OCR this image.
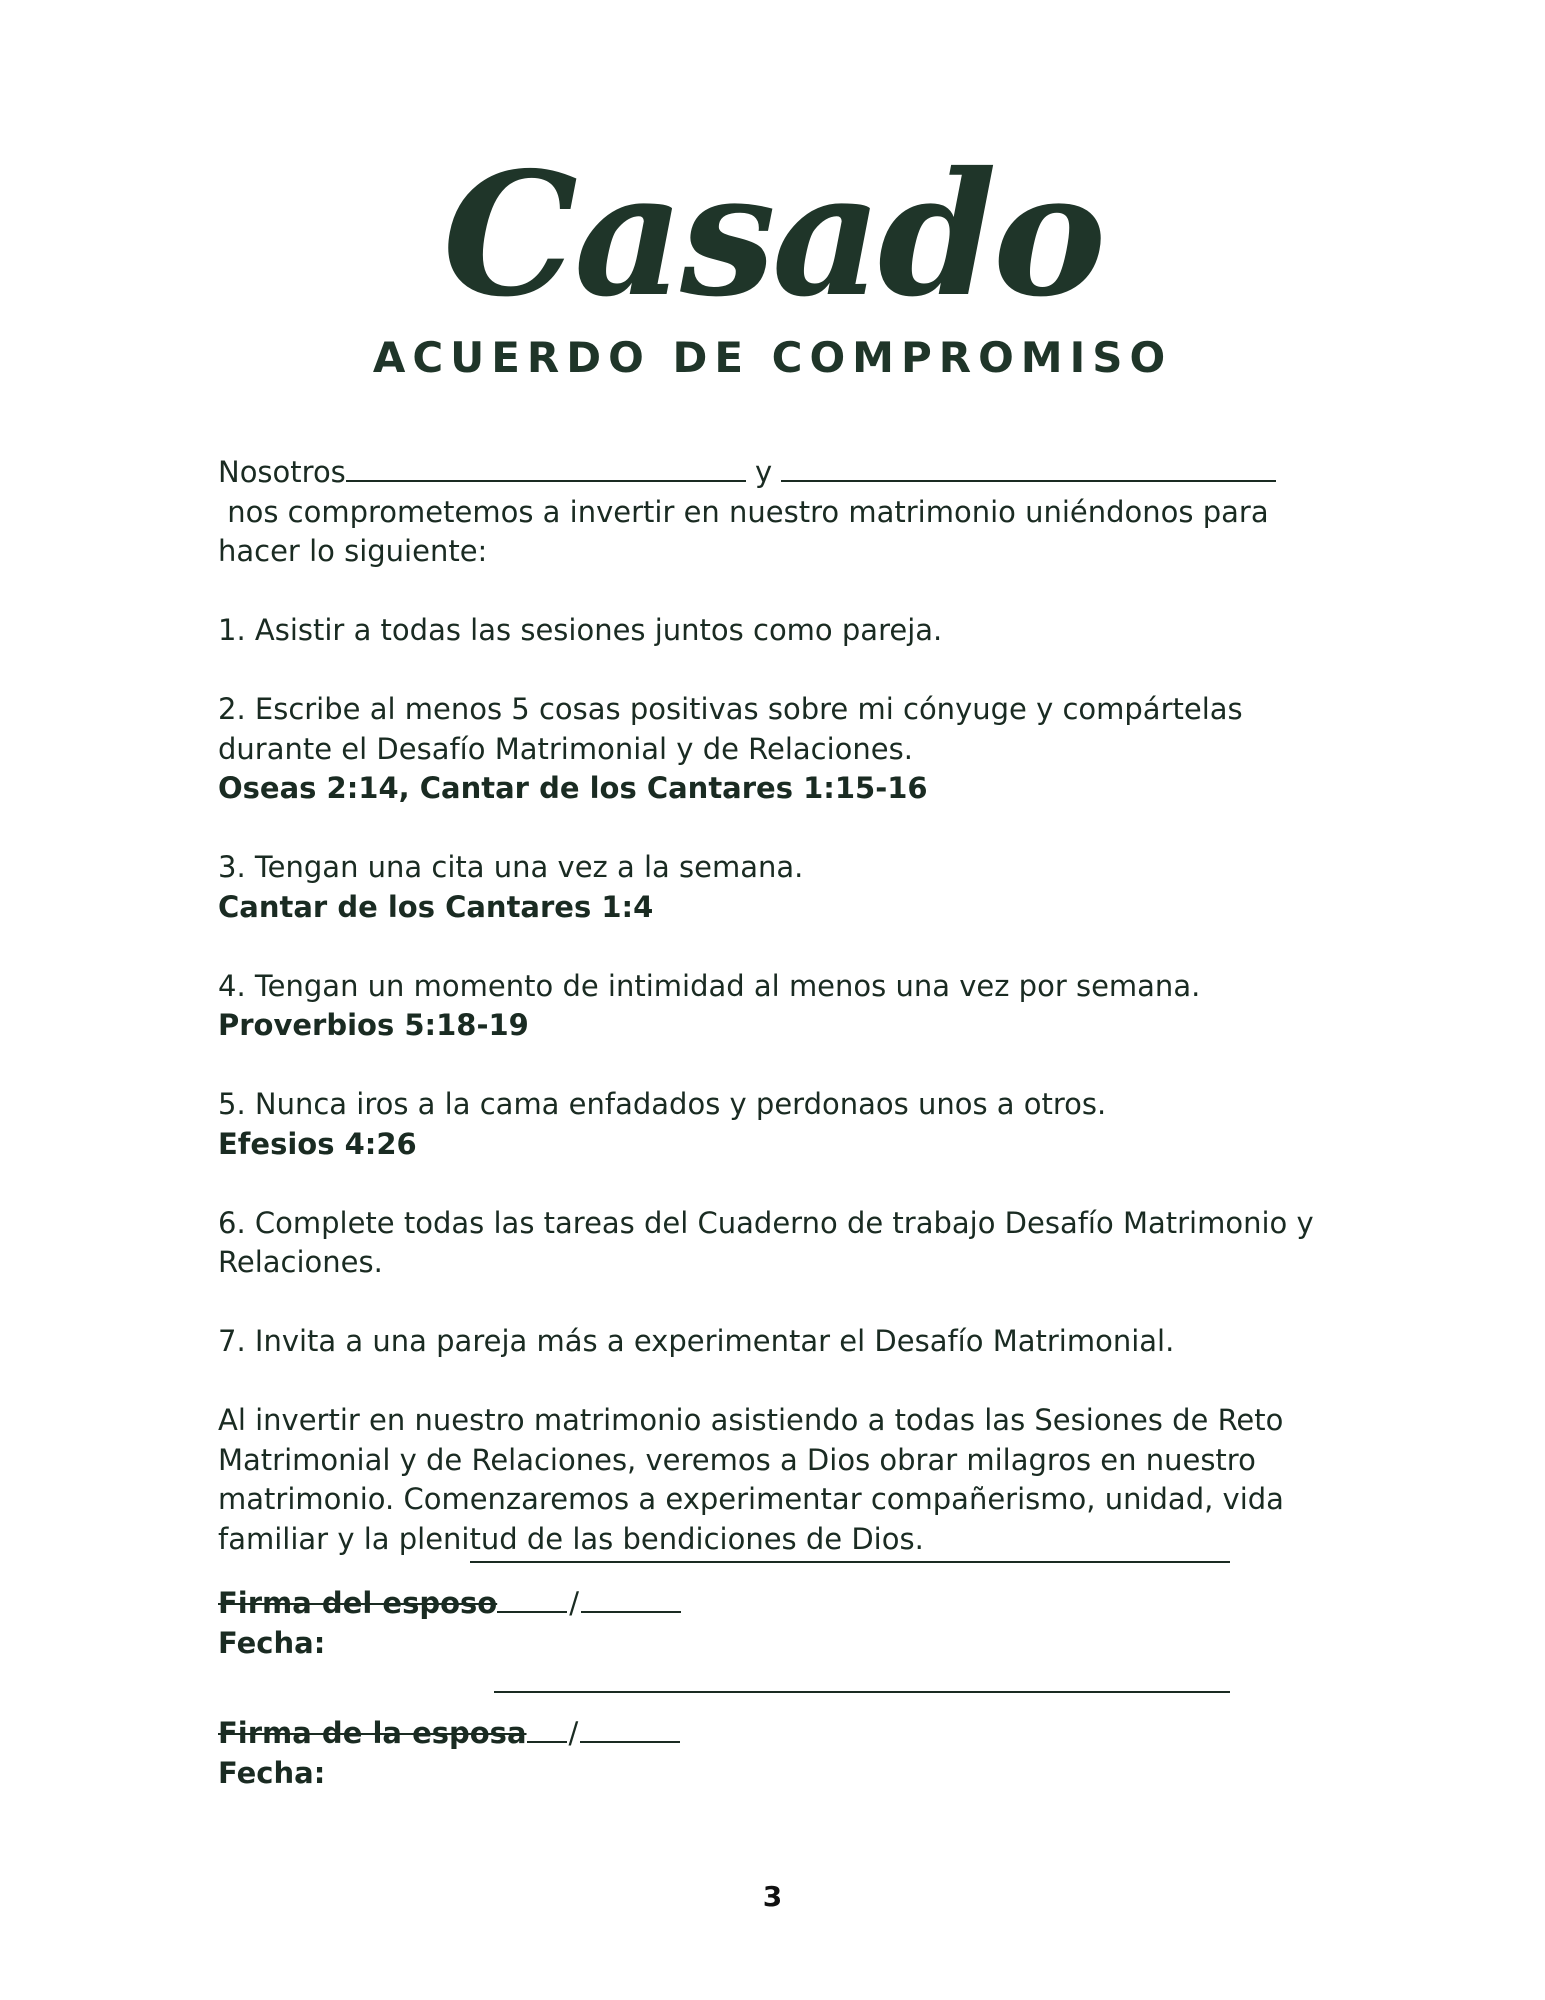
Casado
ACUERDO DE COMPROMISO
Nosotros	y
nos comprometemos a invertir en nuestro matrimonio uniéndonos para
hacer lo siguiente:
1. Asistir a todas las sesiones juntos como pareja.
2. Escribe al menos 5 cosas positivas sobre mi cónyuge y compártelas durante el Desafío Matrimonial y de Relaciones.
Oseas 2:14, Cantar de los Cantares 1:15-16
3. Tengan una cita una vez a la semana.
Cantar de los Cantares 1:4
4. Tengan un momento de intimidad al menos una vez por semana.
Proverbios 5:18-19
5. Nunca iros a la cama enfadados y perdonaos unos a otros.
Efesios 4:26
6. Complete todas las tareas del Cuaderno de trabajo Desafío Matrimonio y Relaciones.
7. Invita a una pareja más a experimentar el Desafío Matrimonial.
Al invertir en nuestro matrimonio asistiendo a todas las Sesiones de Reto Matrimonial y de Relaciones, veremos a Dios obrar milagros en nuestro matrimonio. Comenzaremos a experimentar compañerismo, unidad, vida familiar y la plenitud de las bendiciones de Dios.
Firma del esposo /
Fecha:
Firma de la esposa /
Fecha:
3
